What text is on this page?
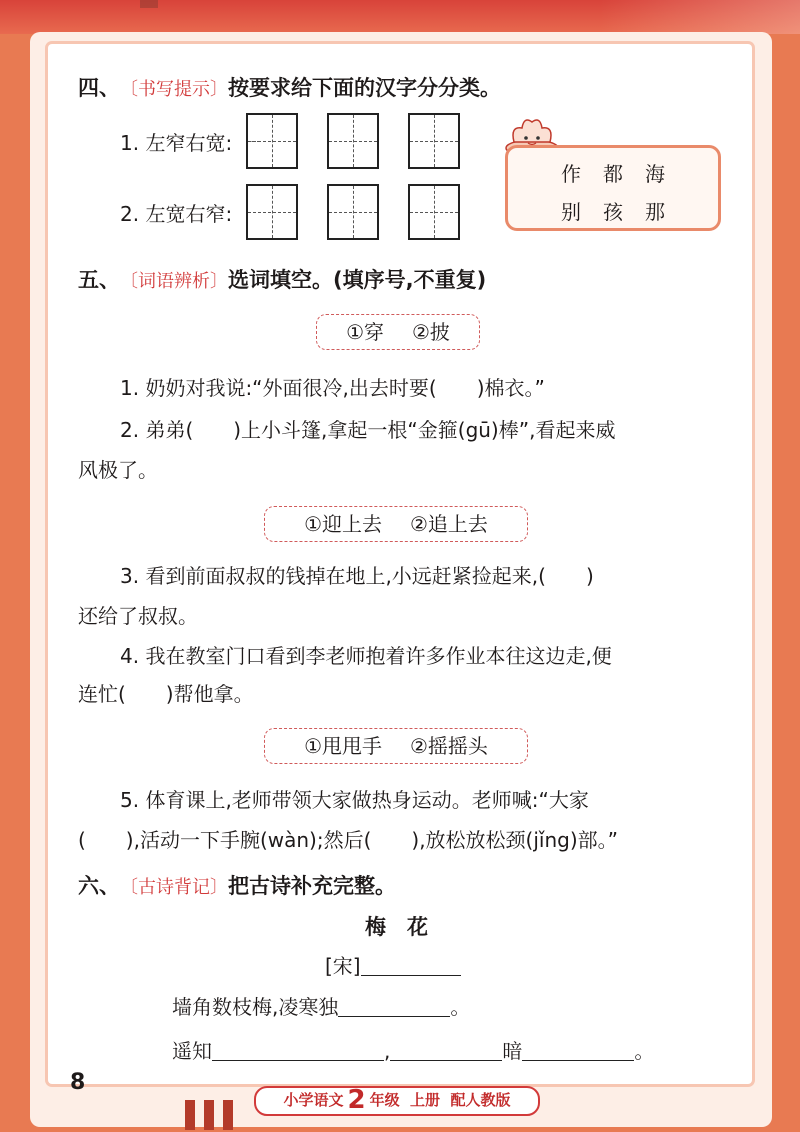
四、〔书写提示〕按要求给下面的汉字分分类。
1. 左窄右宽:
2. 左宽右窄:
作都海
别孩那
五、〔词语辨析〕选词填空。(填序号,不重复)
①穿 ②披
1. 奶奶对我说:“外面很冷,出去时要(　　)棉衣。”
2. 弟弟(　　)上小斗篷,拿起一根“金箍(gū)棒”,看起来威
风极了。
①迎上去 ②追上去
3. 看到前面叔叔的钱掉在地上,小远赶紧捡起来,(　　)
还给了叔叔。
4. 我在教室门口看到李老师抱着许多作业本往这边走,便
连忙(　　)帮他拿。
①甩甩手 ②摇摇头
5. 体育课上,老师带领大家做热身运动。老师喊:“大家
(　　),活动一下手腕(wàn);然后(　　),放松放松颈(jǐng)部。”
六、〔古诗背记〕把古诗补充完整。
梅　花
[宋]
墙角数枝梅,凌寒独	。
遥知	,	暗	。
8
小学语文 2 年级 上册 配人教版
